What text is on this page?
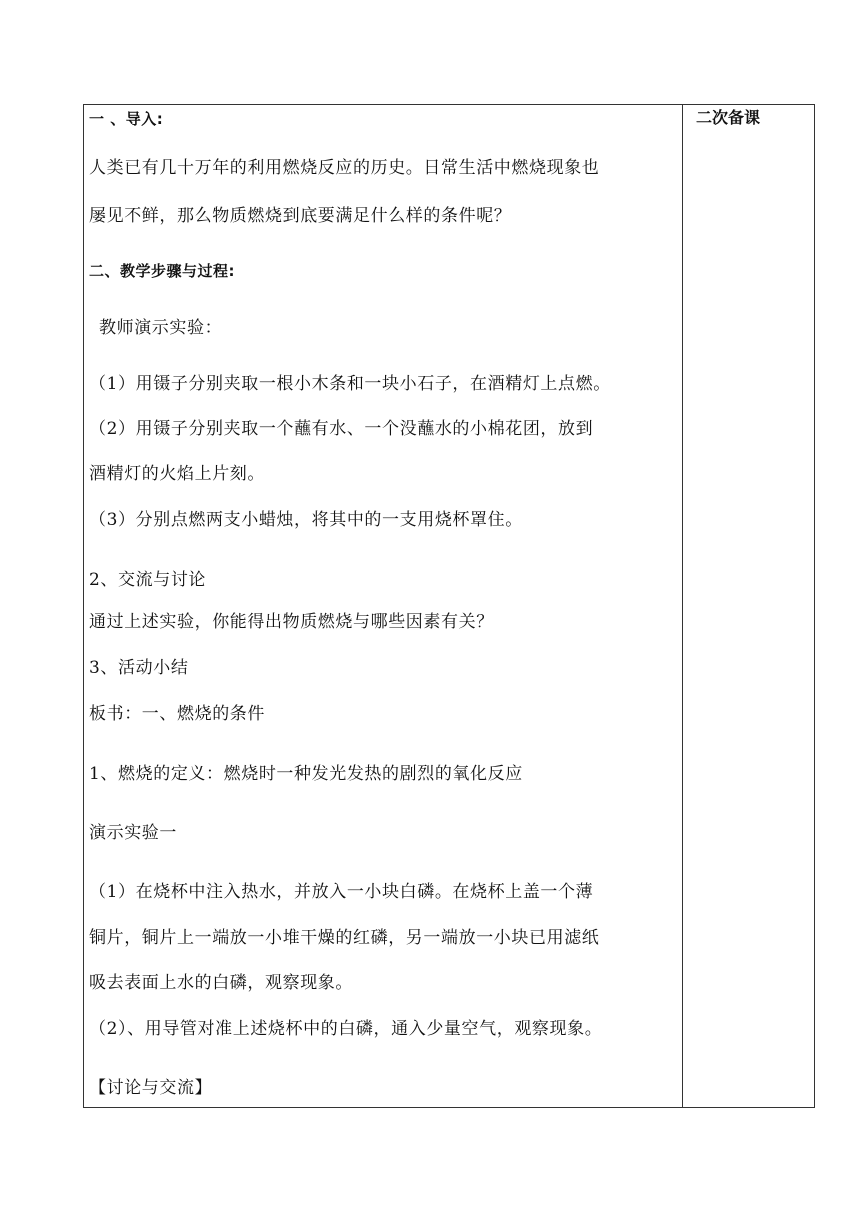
二次备课
一 、导入:
人类已有几十万年的利用燃烧反应的历史。日常生活中燃烧现象也
屡见不鲜，那么物质燃烧到底要满足什么样的条件呢？
二、教学步骤与过程:
教师演示实验：
（1）用镊子分别夹取一根小木条和一块小石子，在酒精灯上点燃。
（2）用镊子分别夹取一个蘸有水、一个没蘸水的小棉花团，放到
酒精灯的火焰上片刻。
（3）分别点燃两支小蜡烛，将其中的一支用烧杯罩住。
2、交流与讨论
通过上述实验，你能得出物质燃烧与哪些因素有关？
3、活动小结
板书：一、燃烧的条件
1、燃烧的定义：燃烧时一种发光发热的剧烈的氧化反应
演示实验一
（1）在烧杯中注入热水，并放入一小块白磷。在烧杯上盖一个薄
铜片，铜片上一端放一小堆干燥的红磷，另一端放一小块已用滤纸
吸去表面上水的白磷，观察现象。
（2）、用导管对准上述烧杯中的白磷，通入少量空气，观察现象。
【讨论与交流】
